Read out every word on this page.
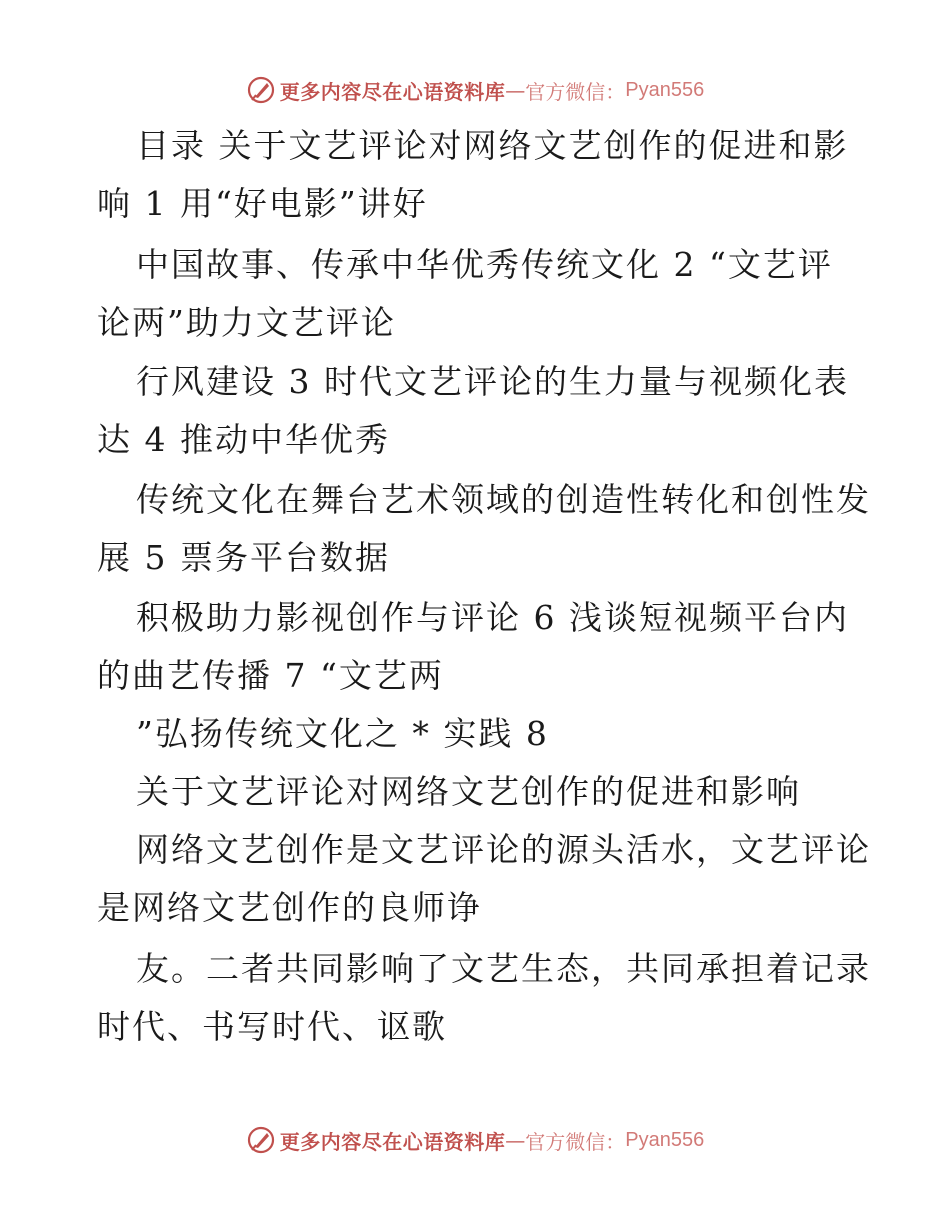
更多内容尽在心语资料库 — 官方微信： Pyan556
目录 关于文艺评论对网络文艺创作的促进和影
响 1 用“好电影”讲好
中国故事、传承中华优秀传统文化 2 “文艺评
论两”助力文艺评论
行风建设 3 时代文艺评论的生力量与视频化表
达 4 推动中华优秀
传统文化在舞台艺术领域的创造性转化和创性发
展 5 票务平台数据
积极助力影视创作与评论 6 浅谈短视频平台内
的曲艺传播 7 “文艺两
”弘扬传统文化之 * 实践 8
关于文艺评论对网络文艺创作的促进和影响
网络文艺创作是文艺评论的源头活水，文艺评论
是网络文艺创作的良师诤
友。二者共同影响了文艺生态，共同承担着记录
时代、书写时代、讴歌
更多内容尽在心语资料库 — 官方微信： Pyan556
